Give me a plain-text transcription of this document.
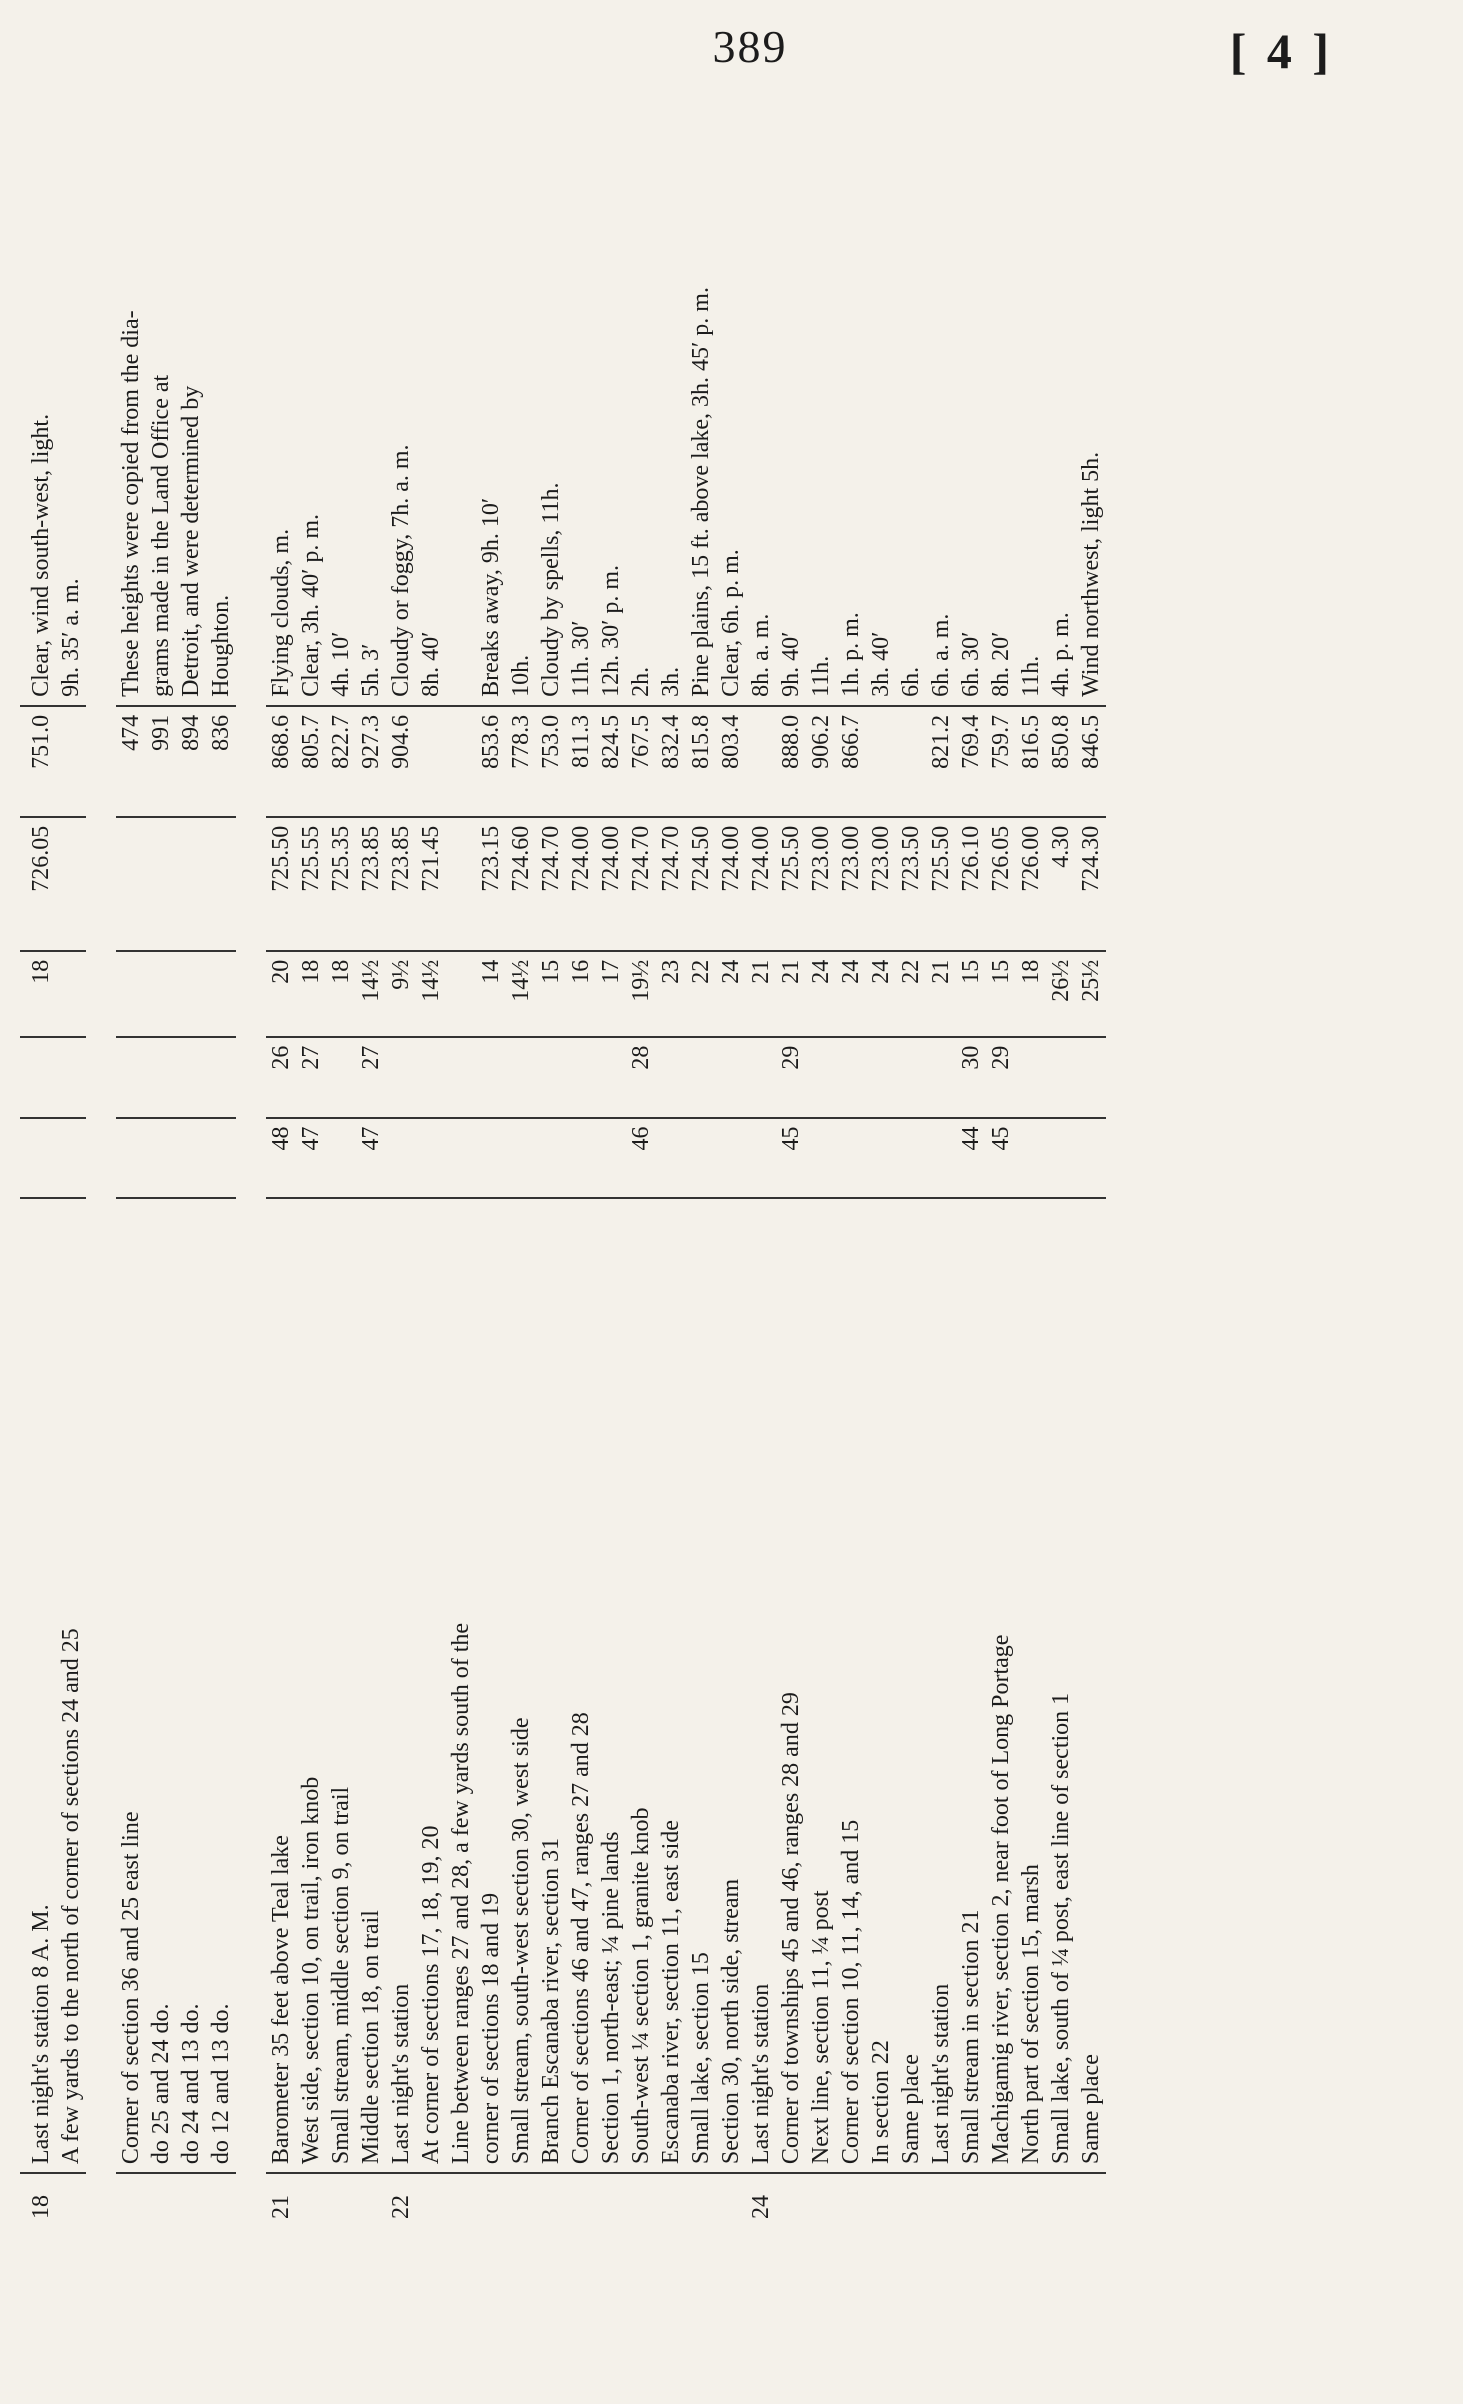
389	[ 4 ]
18	Last night's station 8 A. M.			18	726.05	751.0	Clear, wind south-west, light.
	A few yards to the north of corner of sections 24 and 25						9h. 35′ a. m.

	Corner of section 36 and 25 east line					474	These heights were copied from the dia-
	do 25 and 24 do.					991	grams made in the Land Office at
	do 24 and 13 do.					894	Detroit, and were determined by
	do 12 and 13 do.					836	Houghton.

21	Barometer 35 feet above Teal lake	48	26	20	725.50	868.6	Flying clouds, m.
	West side, section 10, on trail, iron knob	47	27	18	725.55	805.7	Clear, 3h. 40′ p. m.
	Small stream, middle section 9, on trail			18	725.35	822.7	4h. 10′
	Middle section 18, on trail	47	27	14½	723.85	927.3	5h. 3′
22	Last night's station			9½	723.85	904.6	Cloudy or foggy, 7h. a. m.
	At corner of sections 17, 18, 19, 20			14½	721.45		8h. 40′
	Line between ranges 27 and 28, a few yards south of the						
	corner of sections 18 and 19			14	723.15	853.6	Breaks away, 9h. 10′
	Small stream, south-west section 30, west side			14½	724.60	778.3	10h.
	Branch Escanaba river, section 31			15	724.70	753.0	Cloudy by spells, 11h.
	Corner of sections 46 and 47, ranges 27 and 28			16	724.00	811.3	11h. 30′
	Section 1, north-east; ¼ pine lands			17	724.00	824.5	12h. 30′ p. m.
	South-west ¼ section 1, granite knob	46	28	19½	724.70	767.5	2h.
	Escanaba river, section 11, east side			23	724.70	832.4	3h.
	Small lake, section 15			22	724.50	815.8	Pine plains, 15 ft. above lake, 3h. 45′ p. m.
	Section 30, north side, stream			24	724.00	803.4	Clear, 6h. p. m.
24	Last night's station			21	724.00		8h. a. m.
	Corner of townships 45 and 46, ranges 28 and 29	45	29	21	725.50	888.0	9h. 40′
	Next line, section 11, ¼ post			24	723.00	906.2	11h.
	Corner of section 10, 11, 14, and 15			24	723.00	866.7	1h. p. m.
	In section 22			24	723.00		3h. 40′
	Same place			22	723.50		6h.
	Last night's station			21	725.50	821.2	6h. a. m.
	Small stream in section 21	44	30	15	726.10	769.4	6h. 30′
	Machigamig river, section 2, near foot of Long Portage	45	29	15	726.05	759.7	8h. 20′
	North part of section 15, marsh			18	726.00	816.5	11h.
	Small lake, south of ¼ post, east line of section 1			26½	4.30	850.8	4h. p. m.
	Same place			25½	724.30	846.5	Wind northwest, light 5h.
